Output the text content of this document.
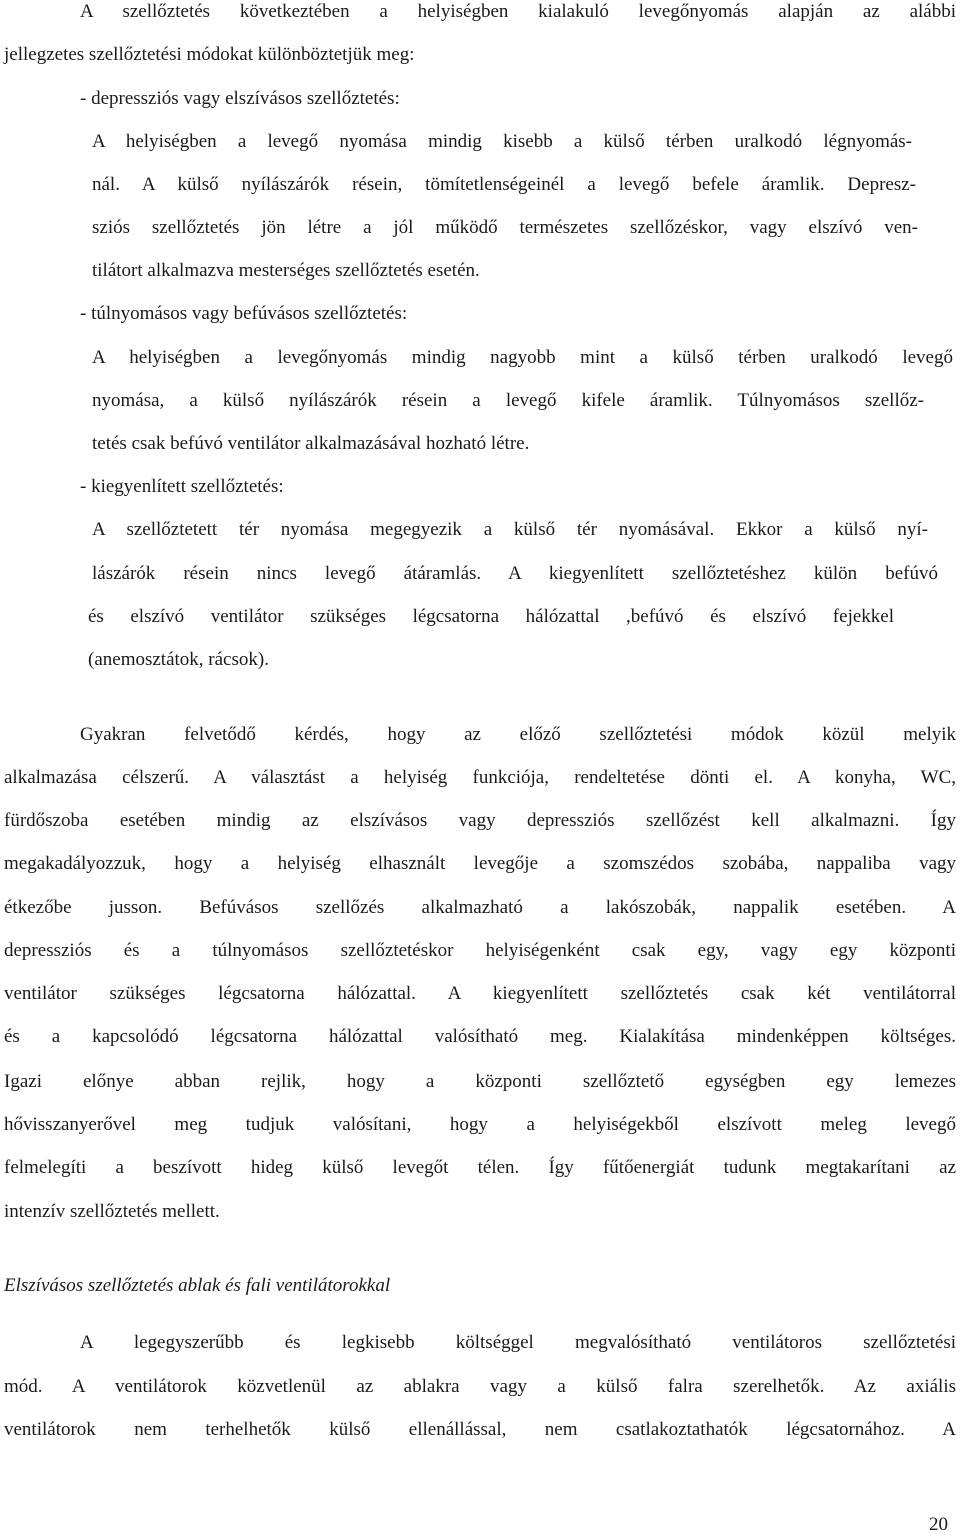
A szellőztetés következtében a helyiségben kialakuló levegőnyomás alapján az alábbi
jellegzetes szellőztetési módokat különböztetjük meg:
- depressziós vagy elszívásos szellőztetés:
A helyiségben a levegő nyomása mindig kisebb a külső térben uralkodó légnyomás-
nál. A külső nyílászárók résein, tömítetlenségeinél a levegő befele áramlik. Depresz-
sziós szellőztetés jön létre a jól működő természetes szellőzéskor, vagy elszívó ven-
tilátort alkalmazva mesterséges szellőztetés esetén.
- túlnyomásos vagy befúvásos szellőztetés:
A helyiségben a levegőnyomás mindig nagyobb mint a külső térben uralkodó levegő
nyomása, a külső nyílászárók résein a levegő kifele áramlik. Túlnyomásos szellőz-
tetés csak befúvó ventilátor alkalmazásával hozható létre.
- kiegyenlített szellőztetés:
A szellőztetett tér nyomása megegyezik a külső tér nyomásával. Ekkor a külső nyí-
lászárók résein nincs levegő átáramlás. A kiegyenlített szellőztetéshez külön befúvó
és elszívó ventilátor szükséges légcsatorna hálózattal ,befúvó és elszívó fejekkel
(anemosztátok, rácsok).
Gyakran felvetődő kérdés, hogy az előző szellőztetési módok közül melyik
alkalmazása célszerű. A választást a helyiség funkciója, rendeltetése dönti el. A konyha, WC,
fürdőszoba esetében mindig az elszívásos vagy depressziós szellőzést kell alkalmazni. Így
megakadályozzuk, hogy a helyiség elhasznált levegője a szomszédos szobába, nappaliba vagy
étkezőbe jusson. Befúvásos szellőzés alkalmazható a lakószobák, nappalik esetében. A
depressziós és a túlnyomásos szellőztetéskor helyiségenként csak egy, vagy egy központi
ventilátor szükséges légcsatorna hálózattal. A kiegyenlített szellőztetés csak két ventilátorral
és a kapcsolódó légcsatorna hálózattal valósítható meg. Kialakítása mindenképpen költséges.
Igazi előnye abban rejlik, hogy a központi szellőztető egységben egy lemezes
hővisszanyerővel meg tudjuk valósítani, hogy a helyiségekből elszívott meleg levegő
felmelegíti a beszívott hideg külső levegőt télen. Így fűtőenergiát tudunk megtakarítani az
intenzív szellőztetés mellett.
Elszívásos szellőztetés ablak és fali ventilátorokkal
A legegyszerűbb és legkisebb költséggel megvalósítható ventilátoros szellőztetési
mód. A ventilátorok közvetlenül az ablakra vagy a külső falra szerelhetők. Az axiális
ventilátorok nem terhelhetők külső ellenállással, nem csatlakoztathatók légcsatornához. A
20
